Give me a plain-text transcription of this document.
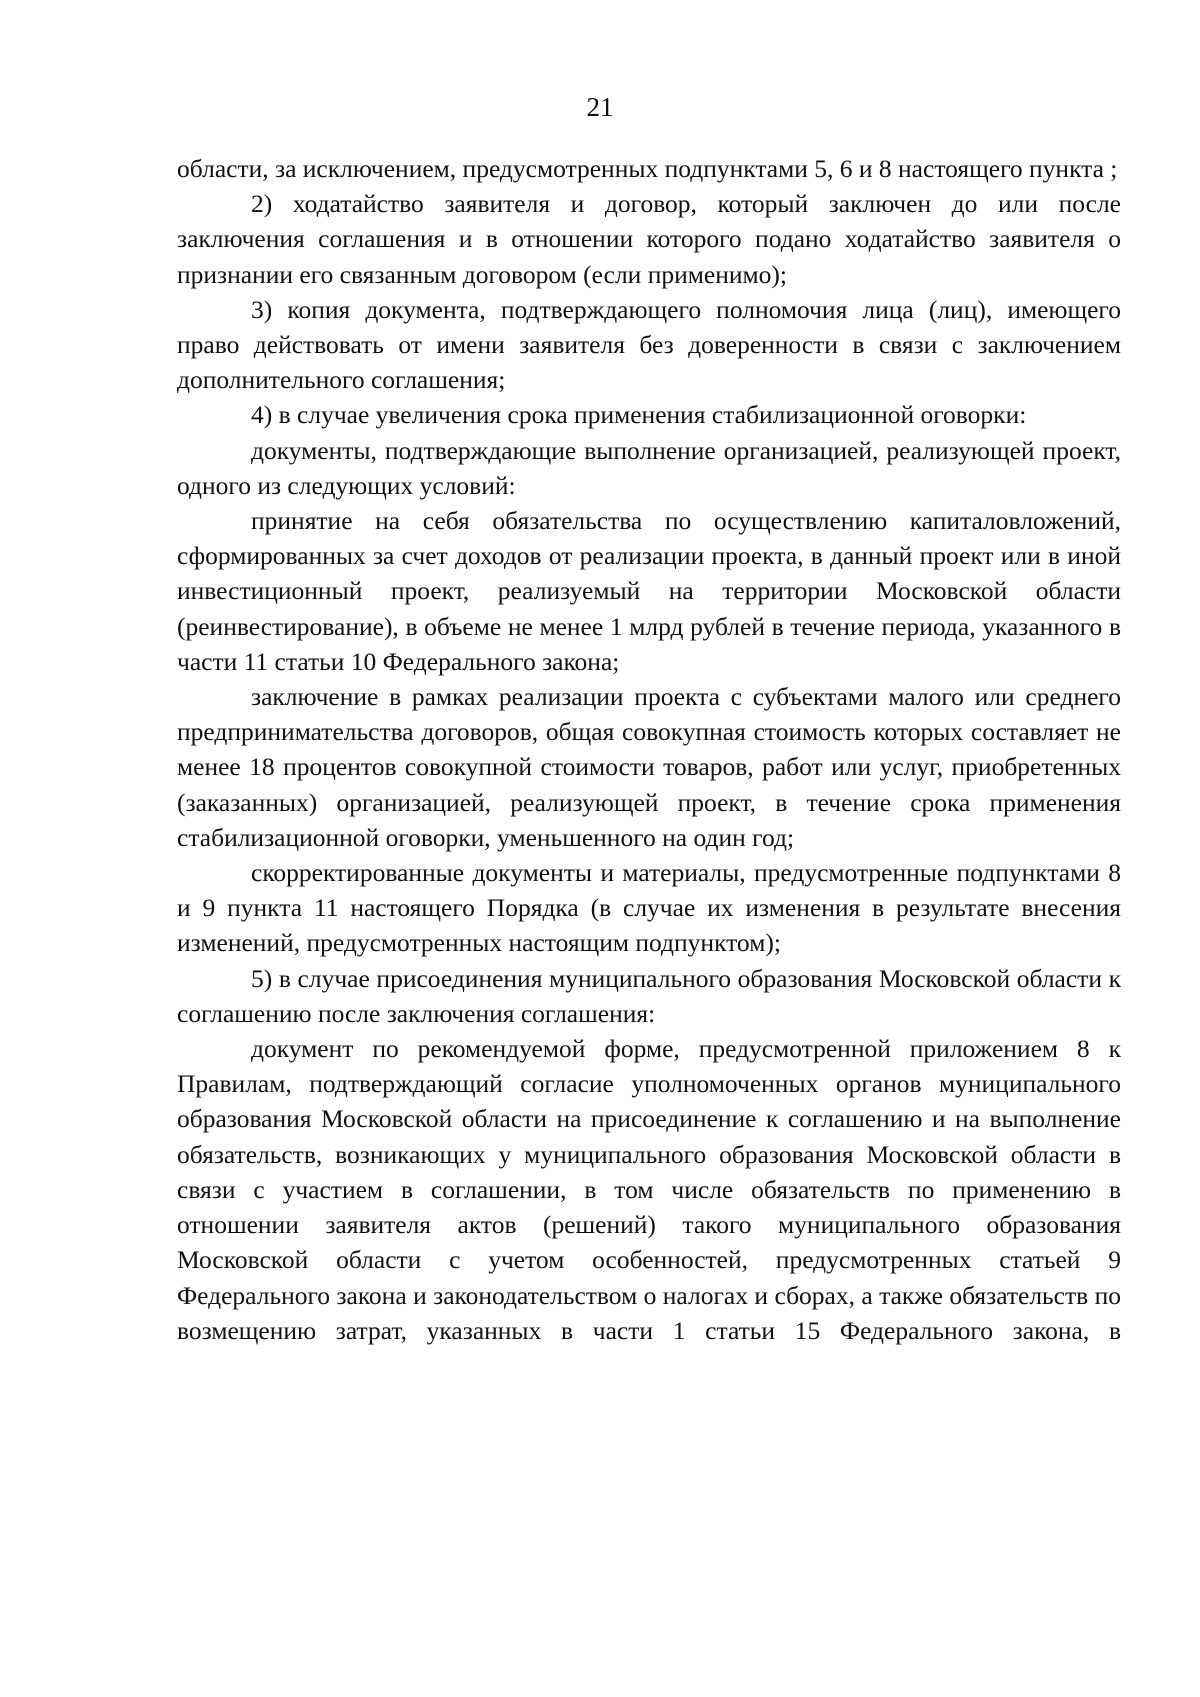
21

области, за исключением, предусмотренных подпунктами 5, 6 и 8 настоящего пункта ;

2) ходатайство заявителя и договор, который заключен до или после заключения соглашения и в отношении которого подано ходатайство заявителя о признании его связанным договором (если применимо);

3) копия документа, подтверждающего полномочия лица (лиц), имеющего право действовать от имени заявителя без доверенности в связи с заключением дополнительного соглашения;

4) в случае увеличения срока применения стабилизационной оговорки:

документы, подтверждающие выполнение организацией, реализующей проект, одного из следующих условий:

принятие на себя обязательства по осуществлению капиталовложений, сформированных за счет доходов от реализации проекта, в данный проект или в иной инвестиционный проект, реализуемый на территории Московской области (реинвестирование), в объеме не менее 1 млрд рублей в течение периода, указанного в части 11 статьи 10 Федерального закона;

заключение в рамках реализации проекта с субъектами малого или среднего предпринимательства договоров, общая совокупная стоимость которых составляет не менее 18 процентов совокупной стоимости товаров, работ или услуг, приобретенных (заказанных) организацией, реализующей проект, в течение срока применения стабилизационной оговорки, уменьшенного на один год;

скорректированные документы и материалы, предусмотренные подпунктами 8 и 9 пункта 11 настоящего Порядка (в случае их изменения в результате внесения изменений, предусмотренных настоящим подпунктом);

5) в случае присоединения муниципального образования Московской области к соглашению после заключения соглашения:

документ по рекомендуемой форме, предусмотренной приложением 8 к Правилам, подтверждающий согласие уполномоченных органов муниципального образования Московской области на присоединение к соглашению и на выполнение обязательств, возникающих у муниципального образования Московской области в связи с участием в соглашении, в том числе обязательств по применению в отношении заявителя актов (решений) такого муниципального образования Московской области с учетом особенностей, предусмотренных статьей 9 Федерального закона и законодательством о налогах и сборах, а также обязательств по возмещению затрат, указанных в части 1 статьи 15 Федерального закона, в
